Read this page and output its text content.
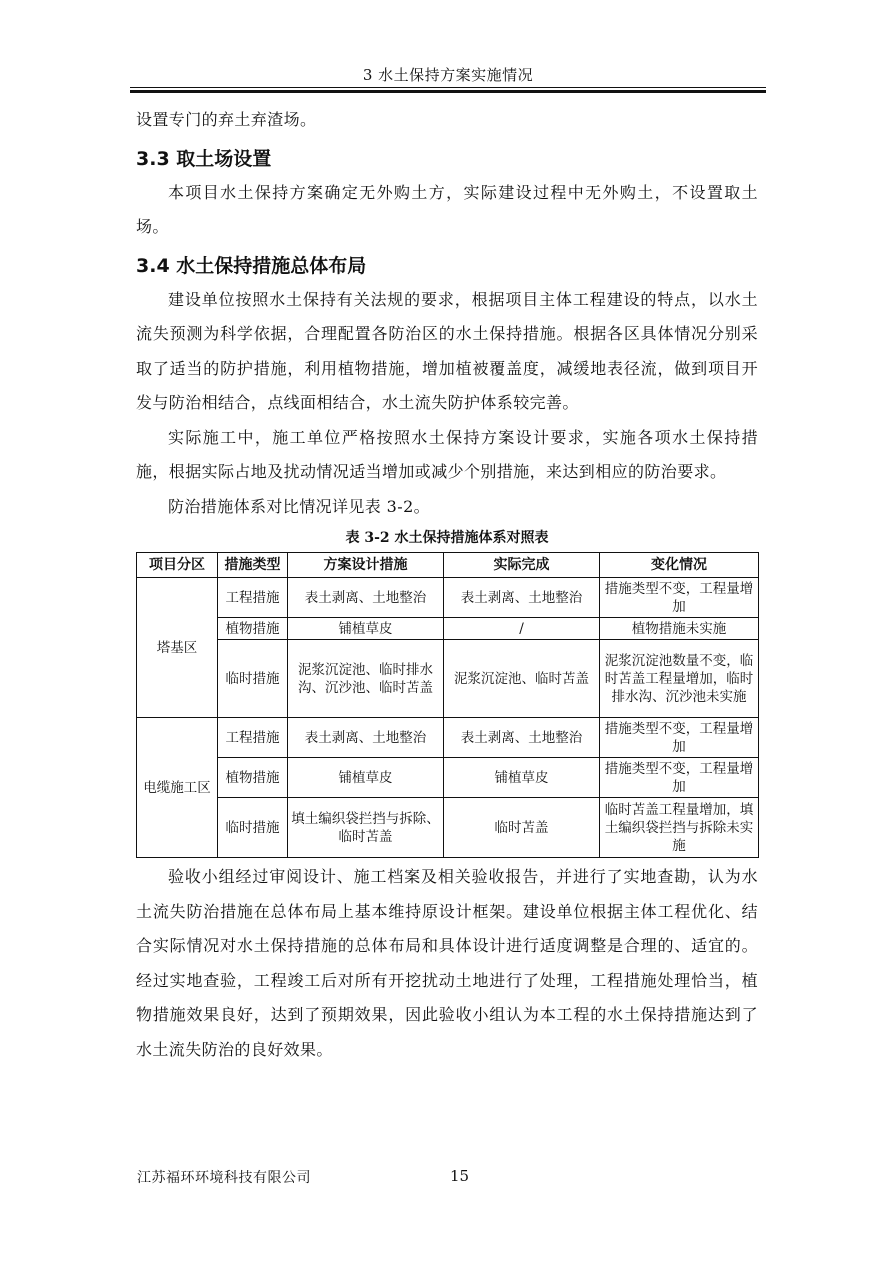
3 水土保持方案实施情况

设置专门的弃土弃渣场。

3.3 取土场设置

本项目水土保持方案确定无外购土方，实际建设过程中无外购土，不设置取土场。

3.4 水土保持措施总体布局

建设单位按照水土保持有关法规的要求，根据项目主体工程建设的特点，以水土流失预测为科学依据，合理配置各防治区的水土保持措施。根据各区具体情况分别采取了适当的防护措施，利用植物措施，增加植被覆盖度，减缓地表径流，做到项目开发与防治相结合，点线面相结合，水土流失防护体系较完善。

实际施工中，施工单位严格按照水土保持方案设计要求，实施各项水土保持措施，根据实际占地及扰动情况适当增加或减少个别措施，来达到相应的防治要求。

防治措施体系对比情况详见表 3-2。

表 3-2 水土保持措施体系对照表
项目分区	措施类型	方案设计措施	实际完成	变化情况
塔基区	工程措施	表土剥离、土地整治	表土剥离、土地整治	措施类型不变，工程量增加
	植物措施	铺植草皮	/	植物措施未实施
	临时措施	泥浆沉淀池、临时排水沟、沉沙池、临时苫盖	泥浆沉淀池、临时苫盖	泥浆沉淀池数量不变，临时苫盖工程量增加，临时排水沟、沉沙池未实施
电缆施工区	工程措施	表土剥离、土地整治	表土剥离、土地整治	措施类型不变，工程量增加
	植物措施	铺植草皮	铺植草皮	措施类型不变，工程量增加
	临时措施	填土编织袋拦挡与拆除、临时苫盖	临时苫盖	临时苫盖工程量增加，填土编织袋拦挡与拆除未实施

验收小组经过审阅设计、施工档案及相关验收报告，并进行了实地查勘，认为水土流失防治措施在总体布局上基本维持原设计框架。建设单位根据主体工程优化、结合实际情况对水土保持措施的总体布局和具体设计进行适度调整是合理的、适宜的。经过实地查验，工程竣工后对所有开挖扰动土地进行了处理，工程措施处理恰当，植物措施效果良好，达到了预期效果，因此验收小组认为本工程的水土保持措施达到了水土流失防治的良好效果。

江苏福环环境科技有限公司	15
